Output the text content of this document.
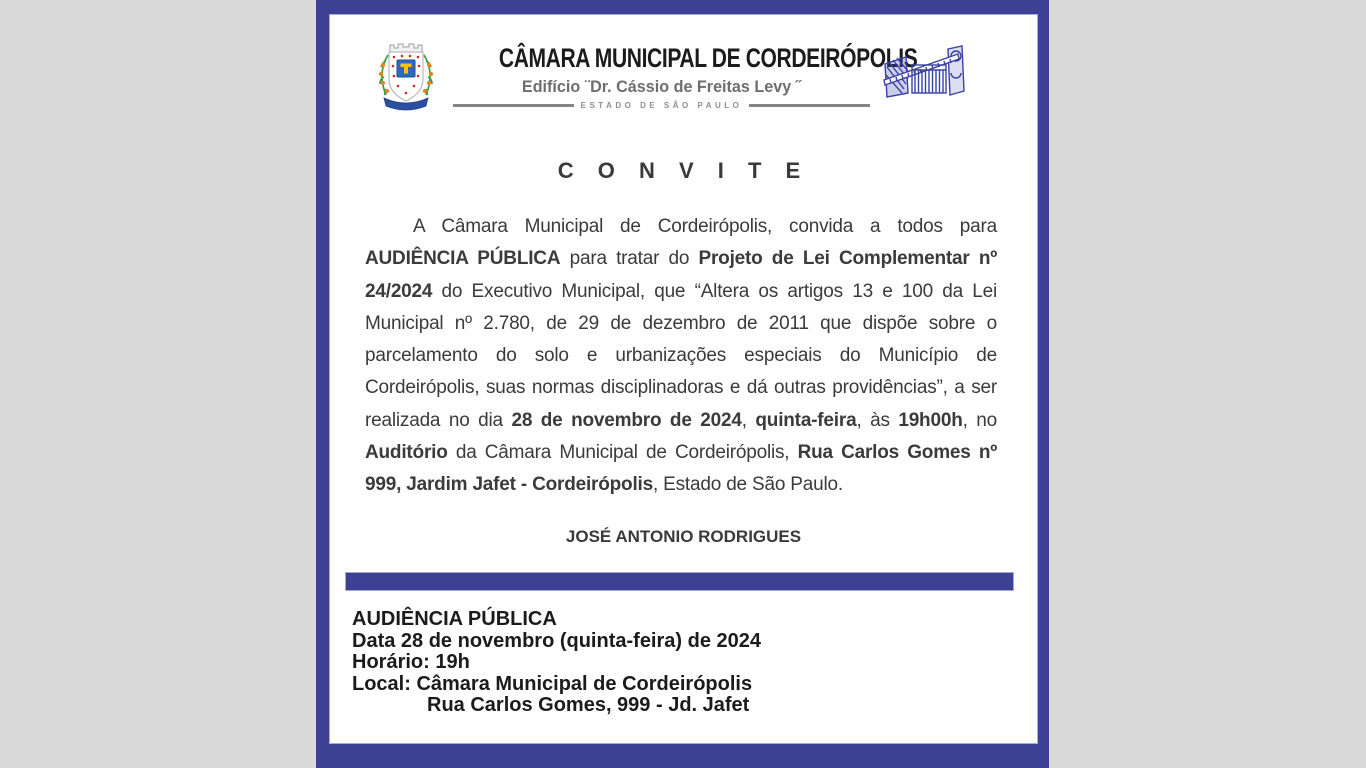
CÂMARA MUNICIPAL DE CORDEIRÓPOLIS
Edifício ¨Dr. Cássio de Freitas Levy ˝
ESTADO DE SÃO PAULO
C O N V I T E

A Câmara Municipal de Cordeirópolis, convida a todos para AUDIÊNCIA PÚBLICA para tratar do Projeto de Lei Complementar nº 24/2024 do Executivo Municipal, que “Altera os artigos 13 e 100 da Lei Municipal nº 2.780, de 29 de dezembro de 2011 que dispõe sobre o parcelamento do solo e urbanizações especiais do Município de Cordeirópolis, suas normas disciplinadoras e dá outras providências”, a ser realizada no dia 28 de novembro de 2024, quinta-feira, às 19h00h, no Auditório da Câmara Municipal de Cordeirópolis, Rua Carlos Gomes nº 999, Jardim Jafet - Cordeirópolis, Estado de São Paulo.

JOSÉ ANTONIO RODRIGUES
AUDIÊNCIA PÚBLICA
Data 28 de novembro (quinta-feira) de 2024
Horário: 19h
Local: Câmara Municipal de Cordeirópolis
Rua Carlos Gomes, 999 - Jd. Jafet
